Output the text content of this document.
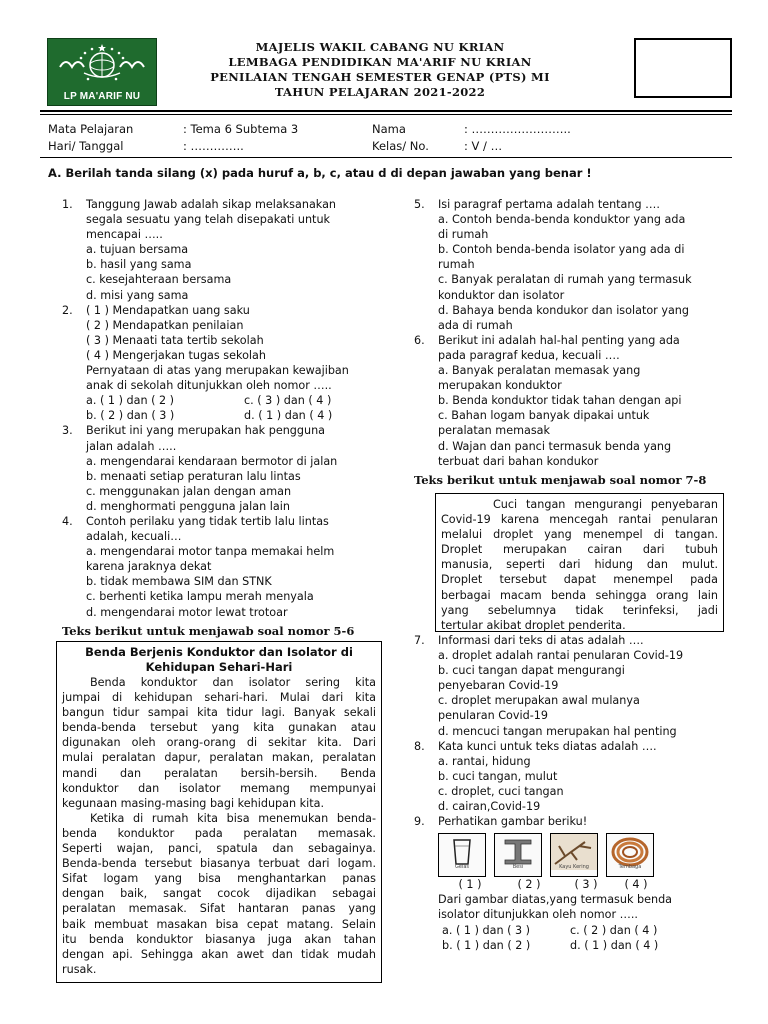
LP MA'ARIF NU
MAJELIS WAKIL CABANG NU KRIAN
LEMBAGA PENDIDIKAN MA'ARIF NU KRIAN
PENILAIAN TENGAH SEMESTER GENAP (PTS) MI
TAHUN PELAJARAN 2021-2022
Mata Pelajaran	: Tema 6 Subtema 3	Nama	: ……………………..
Hari/ Tanggal	: …………..	Kelas/ No.	: V / …
A. Berilah tanda silang (x) pada huruf a, b, c, atau d di depan jawaban yang benar !
1. Tanggung Jawab adalah sikap melaksanakan
segala sesuatu yang telah disepakati untuk
mencapai …..
a. tujuan bersama
b. hasil yang sama
c. kesejahteraan bersama
d. misi yang sama
2. ( 1 ) Mendapatkan uang saku
( 2 ) Mendapatkan penilaian
( 3 ) Menaati tata tertib sekolah
( 4 ) Mengerjakan tugas sekolah
Pernyataan di atas yang merupakan kewajiban
anak di sekolah ditunjukkan oleh nomor …..
a. ( 1 ) dan ( 2 )	c. ( 3 ) dan ( 4 )
b. ( 2 ) dan ( 3 )	d. ( 1 ) dan ( 4 )
3. Berikut ini yang merupakan hak pengguna
jalan adalah …..
a. mengendarai kendaraan bermotor di jalan
b. menaati setiap peraturan lalu lintas
c. menggunakan jalan dengan aman
d. menghormati pengguna jalan lain
4. Contoh perilaku yang tidak tertib lalu lintas
adalah, kecuali…
a. mengendarai motor tanpa memakai helm
karena jaraknya dekat
b. tidak membawa SIM dan STNK
c. berhenti ketika lampu merah menyala
d. mengendarai motor lewat trotoar
Teks berikut untuk menjawab soal nomor 5-6
Benda Berjenis Konduktor dan Isolator di
Kehidupan Sehari-Hari
Benda konduktor dan isolator sering kita
jumpai di kehidupan sehari-hari. Mulai dari kita
bangun tidur sampai kita tidur lagi. Banyak sekali
benda-benda tersebut yang kita gunakan atau
digunakan oleh orang-orang di sekitar kita. Dari
mulai peralatan dapur, peralatan makan, peralatan
mandi dan peralatan bersih-bersih. Benda
konduktor dan isolator memang mempunyai
kegunaan masing-masing bagi kehidupan kita.
Ketika di rumah kita bisa menemukan benda-
benda konduktor pada peralatan memasak.
Seperti wajan, panci, spatula dan sebagainya.
Benda-benda tersebut biasanya terbuat dari logam.
Sifat logam yang bisa menghantarkan panas
dengan baik, sangat cocok dijadikan sebagai
peralatan memasak. Sifat hantaran panas yang
baik membuat masakan bisa cepat matang. Selain
itu benda konduktor biasanya juga akan tahan
dengan api. Sehingga akan awet dan tidak mudah
rusak.
5. Isi paragraf pertama adalah tentang ….
a. Contoh benda-benda konduktor yang ada
di rumah
b. Contoh benda-benda isolator yang ada di
rumah
c. Banyak peralatan di rumah yang termasuk
konduktor dan isolator
d. Bahaya benda kondukor dan isolator yang
ada di rumah
6. Berikut ini adalah hal-hal penting yang ada
pada paragraf kedua, kecuali ….
a. Banyak peralatan memasak yang
merupakan konduktor
b. Benda konduktor tidak tahan dengan api
c. Bahan logam banyak dipakai untuk
peralatan memasak
d. Wajan dan panci termasuk benda yang
terbuat dari bahan kondukor
Teks berikut untuk menjawab soal nomor 7-8
Cuci tangan mengurangi penyebaran
Covid-19 karena mencegah rantai penularan
melalui droplet yang menempel di tangan.
Droplet merupakan cairan dari tubuh
manusia, seperti dari hidung dan mulut.
Droplet tersebut dapat menempel pada
berbagai macam benda sehingga orang lain
yang sebelumnya tidak terinfeksi, jadi
tertular akibat droplet penderita.
7. Informasi dari teks di atas adalah ….
a. droplet adalah rantai penularan Covid-19
b. cuci tangan dapat mengurangi
penyebaran Covid-19
c. droplet merupakan awal mulanya
penularan Covid-19
d. mencuci tangan merupakan hal penting
8. Kata kunci untuk teks diatas adalah ….
a. rantai, hidung
b. cuci tangan, mulut
c. droplet, cuci tangan
d. cairan,Covid-19
9. Perhatikan gambar beriku!
Gelas	Besi	Kayu Kering	Tembaga
( 1 )	( 2 )	( 3 )	( 4 )
Dari gambar diatas,yang termasuk benda
isolator ditunjukkan oleh nomor …..
a. ( 1 ) dan ( 3 )	c. ( 2 ) dan ( 4 )
b. ( 1 ) dan ( 2 )	d. ( 1 ) dan ( 4 )
